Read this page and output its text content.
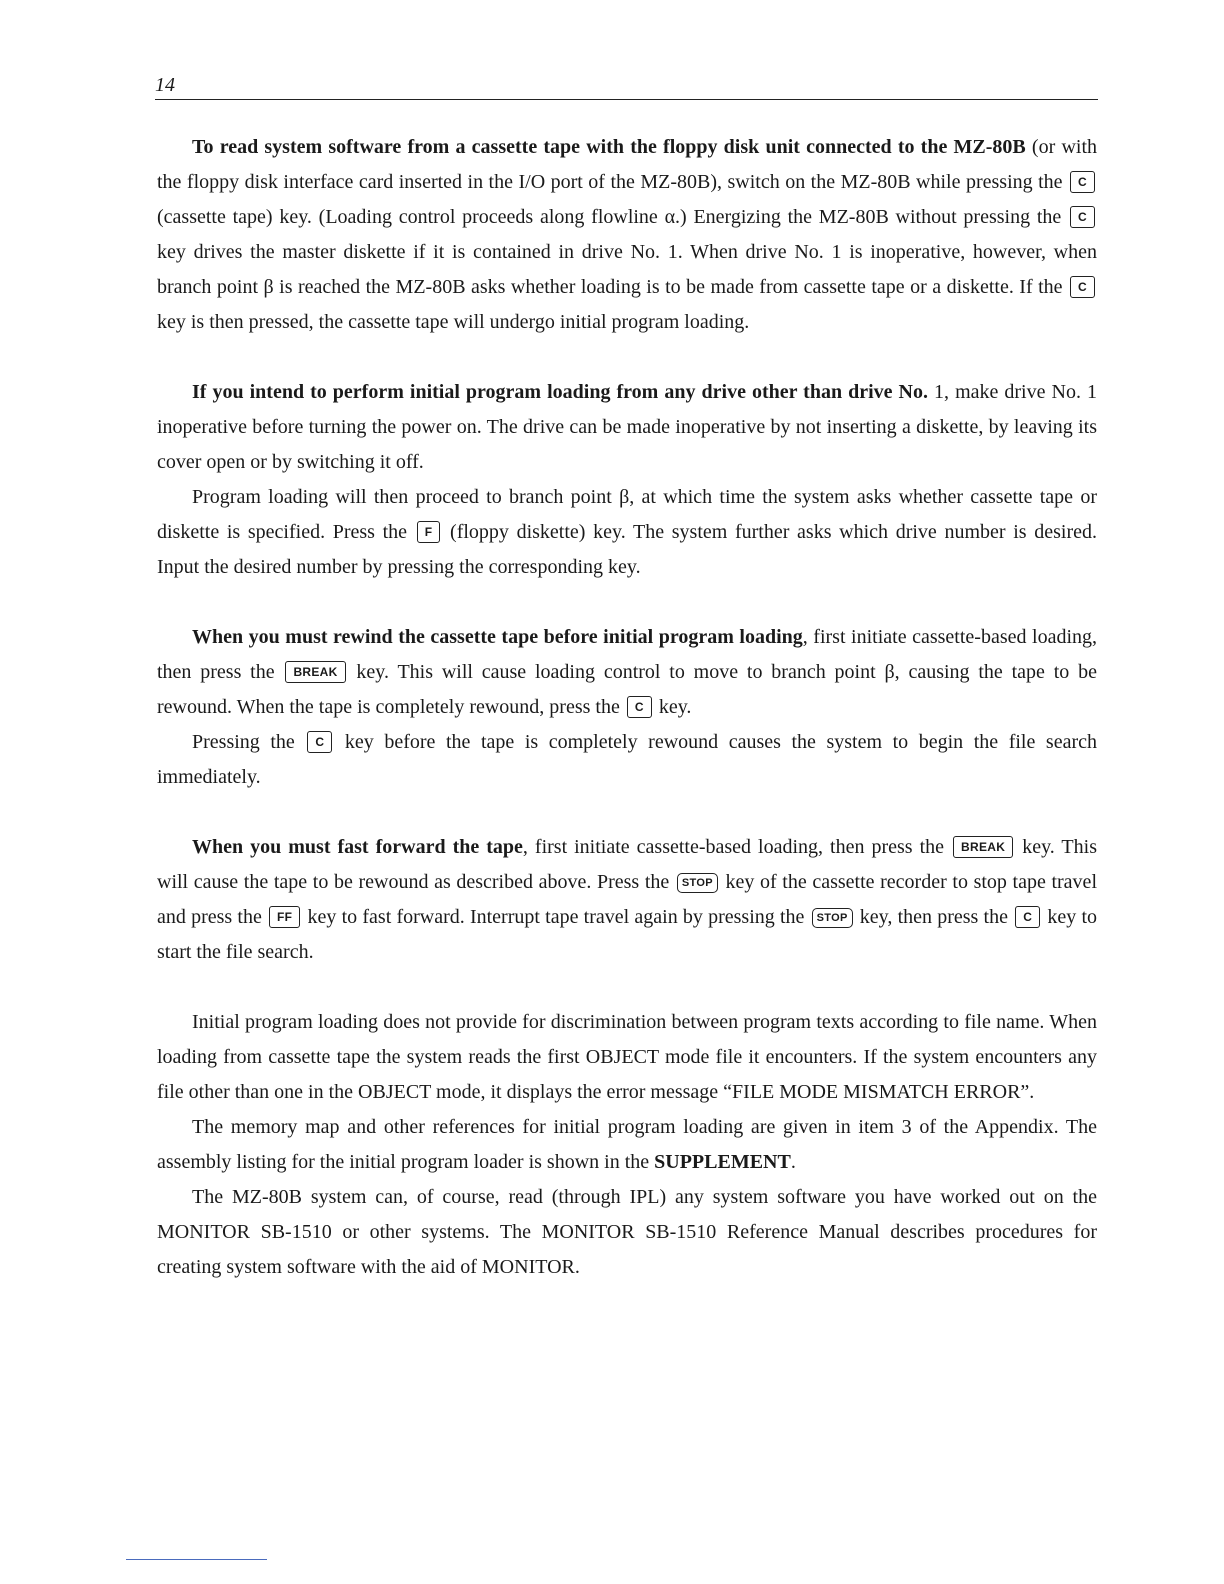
14

To read system software from a cassette tape with the floppy disk unit connected to the MZ-80B (or with the floppy disk interface card inserted in the I/O port of the MZ-80B), switch on the MZ-80B while pressing the C (cassette tape) key. (Loading control proceeds along flowline α.) Energizing the MZ-80B without pressing the C key drives the master diskette if it is contained in drive No. 1. When drive No. 1 is inoperative, however, when branch point β is reached the MZ-80B asks whether loading is to be made from cassette tape or a diskette. If the C key is then pressed, the cassette tape will undergo initial program loading.

If you intend to perform initial program loading from any drive other than drive No. 1, make drive No. 1 inoperative before turning the power on. The drive can be made inoperative by not inserting a diskette, by leaving its cover open or by switching it off.

Program loading will then proceed to branch point β, at which time the system asks whether cassette tape or diskette is specified. Press the F (floppy diskette) key. The system further asks which drive number is desired. Input the desired number by pressing the corresponding key.

When you must rewind the cassette tape before initial program loading, first initiate cassette-based loading, then press the BREAK key. This will cause loading control to move to branch point β, causing the tape to be rewound. When the tape is completely rewound, press the C key.

Pressing the C key before the tape is completely rewound causes the system to begin the file search immediately.

When you must fast forward the tape, first initiate cassette-based loading, then press the BREAK key. This will cause the tape to be rewound as described above. Press the STOP key of the cassette recorder to stop tape travel and press the FF key to fast forward. Interrupt tape travel again by pressing the STOP key, then press the C key to start the file search.

Initial program loading does not provide for discrimination between program texts according to file name. When loading from cassette tape the system reads the first OBJECT mode file it encounters. If the system encounters any file other than one in the OBJECT mode, it displays the error message “FILE MODE MISMATCH ERROR”.

The memory map and other references for initial program loading are given in item 3 of the Appendix. The assembly listing for the initial program loader is shown in the SUPPLEMENT.

The MZ-80B system can, of course, read (through IPL) any system software you have worked out on the MONITOR SB-1510 or other systems. The MONITOR SB-1510 Reference Manual describes procedures for creating system software with the aid of MONITOR.
